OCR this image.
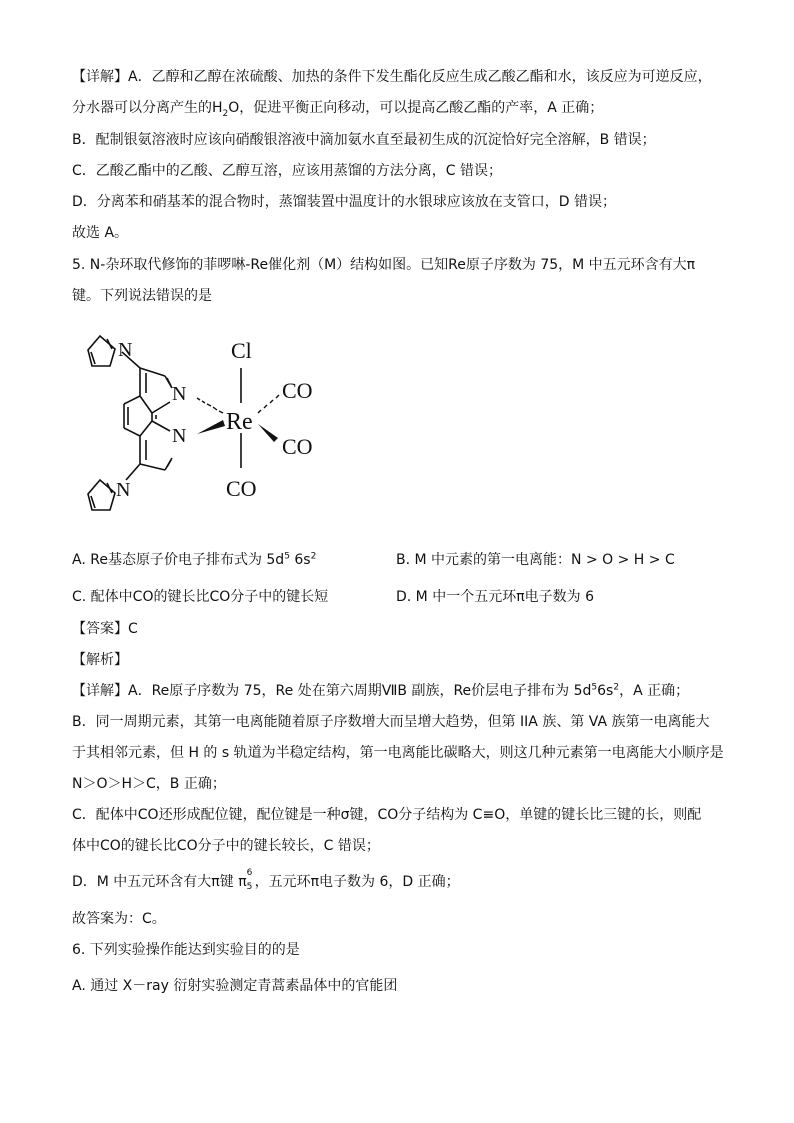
【详解】A．乙醇和乙醇在浓硫酸、加热的条件下发生酯化反应生成乙酸乙酯和水，该反应为可逆反应，
分水器可以分离产生的$H_2O$，促进平衡正向移动，可以提高乙酸乙酯的产率，A 正确；
B．配制银氨溶液时应该向硝酸银溶液中滴加氨水直至最初生成的沉淀恰好完全溶解，B 错误；
C．乙酸乙酯中的乙酸、乙醇互溶，应该用蒸馏的方法分离，C 错误；
D．分离苯和硝基苯的混合物时，蒸馏装置中温度计的水银球应该放在支管口，D 错误；
故选 A。
5. N-杂环取代修饰的菲啰啉-Re催化剂（M）结构如图。已知Re原子序数为 75，M 中五元环含有大π
键。下列说法错误的是
N
N
N
N
Cl
Re
CO
CO
CO
A. Re基态原子价电子排布式为 $5d^5$ $6s^2$	B. M 中元素的第一电离能：N > O > H > C
C. 配体中CO的键长比CO分子中的键长短	D. M 中一个五元环π电子数为 6
【答案】C
【解析】
【详解】A．Re原子序数为 75，Re 处在第六周期ⅦB 副族，Re价层电子排布为 $5d^56s^2$，A 正确；
B．同一周期元素，其第一电离能随着原子序数增大而呈增大趋势，但第 IIA 族、第 VA 族第一电离能大
于其相邻元素，但 H 的 s 轨道为半稳定结构，第一电离能比碳略大，则这几种元素第一电离能大小顺序是
N＞O＞H＞C，B 正确；
C．配体中CO还形成配位键，配位键是一种σ键，CO分子结构为 C≡O，单键的键长比三键的长，则配
体中CO的键长比CO分子中的键长较长，C 错误；
D．M 中五元环含有大π键 π
6
5 ，五元环π电子数为 6，D 正确；
故答案为：C。
6. 下列实验操作能达到实验目的的是
A. 通过 X－ray 衍射实验测定青蒿素晶体中的官能团
